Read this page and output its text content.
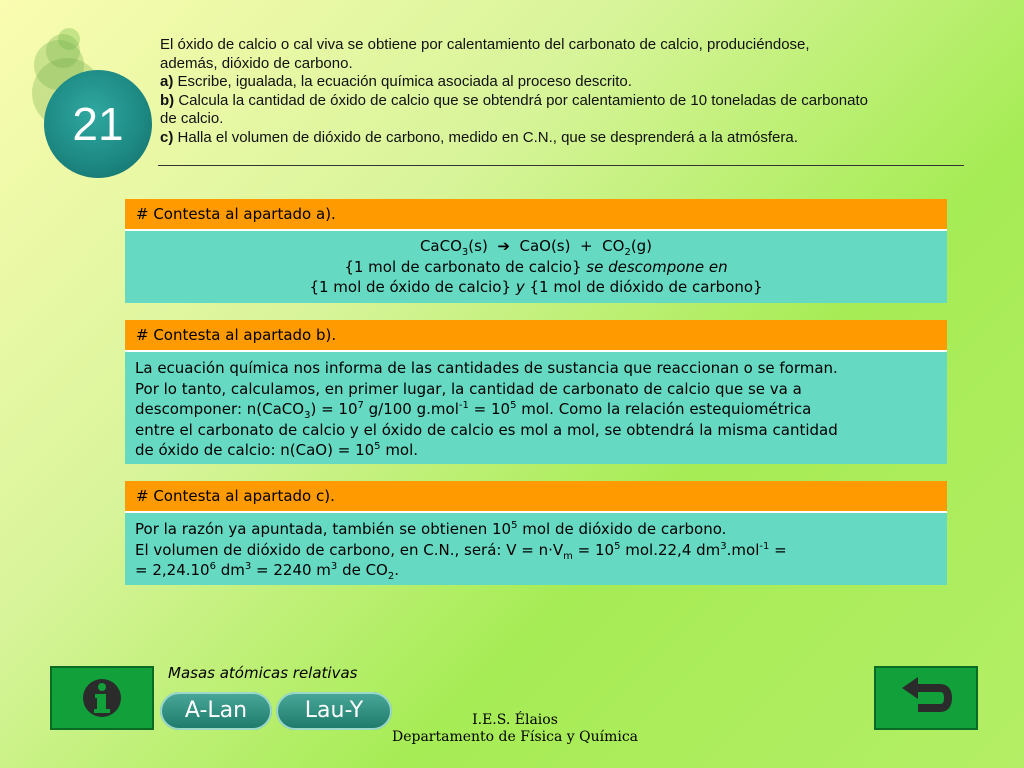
21
El óxido de calcio o cal viva se obtiene por calentamiento del carbonato de calcio, produciéndose,
además, dióxido de carbono.
a) Escribe, igualada, la ecuación química asociada al proceso descrito.
b) Calcula la cantidad de óxido de calcio que se obtendrá por calentamiento de 10 toneladas de carbonato
de calcio.
c) Halla el volumen de dióxido de carbono, medido en C.N., que se desprenderá a la atmósfera.
# Contesta al apartado a).
CaCO$_3$(s) ➔ $CaO(s) + CO_2(g)$
{1 mol de carbonato de calcio} se descompone en
{1 mol de óxido de calcio} y {1 mol de dióxido de carbono}
# Contesta al apartado b).
La ecuación química nos informa de las cantidades de sustancia que reaccionan o se forman.
Por lo tanto, calculamos, en primer lugar, la cantidad de carbonato de calcio que se va a
descomponer: n(CaCO$_3$) = $10^7$ g/100 $g.mol^{-1} = 10^5$ mol. Como la relación estequiométrica
entre el carbonato de calcio y el óxido de calcio es mol a mol, se obtendrá la misma cantidad
de óxido de calcio: $n(CaO) = 10^5$ mol.
# Contesta al apartado c).
Por la razón ya apuntada, también se obtienen $10^5$ mol de dióxido de carbono.
El volumen de dióxido de carbono, en C.N., será: $V = n\cdot V_m = 10^5$ mol.22,4 $dm^3.mol^{-1}$ =
= $2,24.10^6$ $dm^3 = 2240$ $m^3$ de $CO_2$.
Masas atómicas relativas
A-Lan	Lau-Y	I.E.S. Élaios
Departamento de Física y Química
